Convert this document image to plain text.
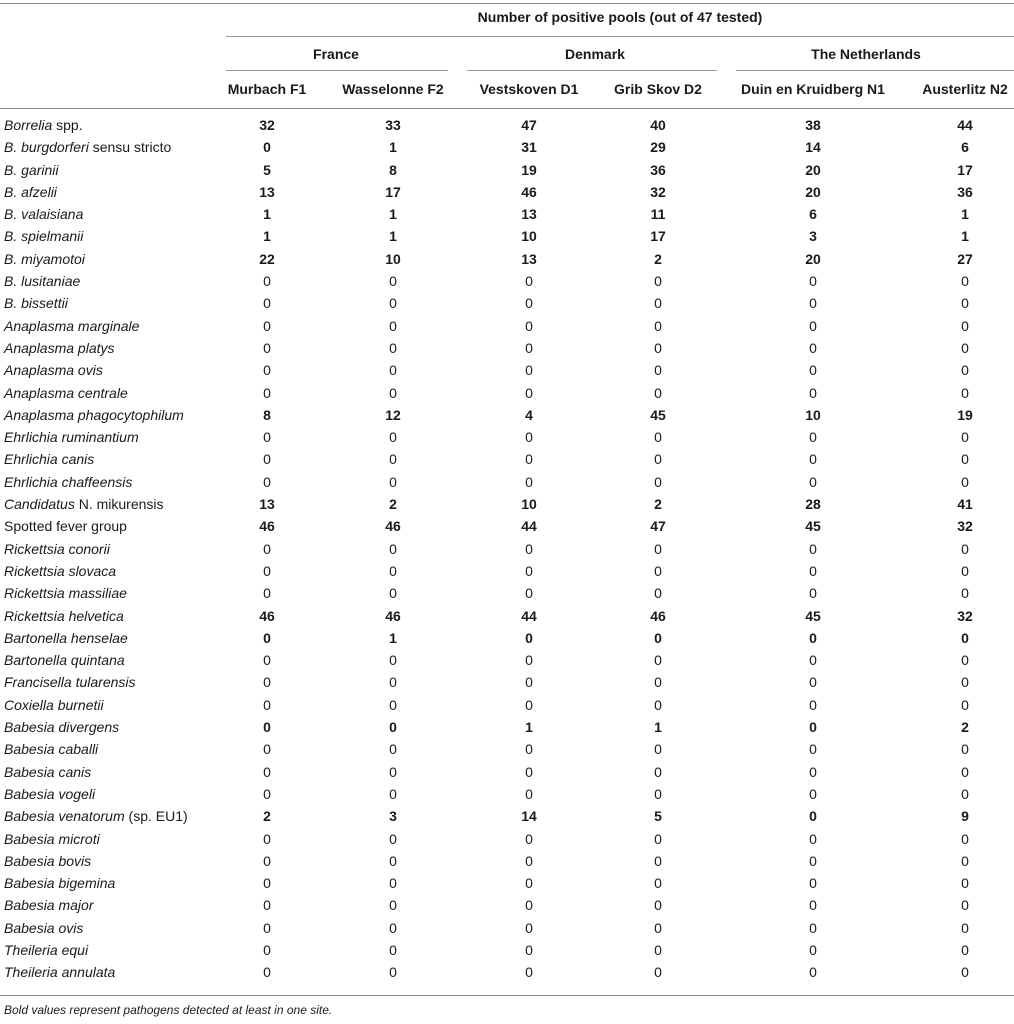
Number of positive pools (out of 47 tested)
France	Denmark	The Netherlands
Murbach F1	Wasselonne F2	Vestskoven D1	Grib Skov D2	Duin en Kruidberg N1	Austerlitz N2
Borrelia spp.	32	33	47	40	38	44
B. burgdorferi sensu stricto	0	1	31	29	14	6
B. garinii	5	8	19	36	20	17
B. afzelii	13	17	46	32	20	36
B. valaisiana	1	1	13	11	6	1
B. spielmanii	1	1	10	17	3	1
B. miyamotoi	22	10	13	2	20	27
B. lusitaniae	0	0	0	0	0	0
B. bissettii	0	0	0	0	0	0
Anaplasma marginale	0	0	0	0	0	0
Anaplasma platys	0	0	0	0	0	0
Anaplasma ovis	0	0	0	0	0	0
Anaplasma centrale	0	0	0	0	0	0
Anaplasma phagocytophilum	8	12	4	45	10	19
Ehrlichia ruminantium	0	0	0	0	0	0
Ehrlichia canis	0	0	0	0	0	0
Ehrlichia chaffeensis	0	0	0	0	0	0
Candidatus N. mikurensis	13	2	10	2	28	41
Spotted fever group	46	46	44	47	45	32
Rickettsia conorii	0	0	0	0	0	0
Rickettsia slovaca	0	0	0	0	0	0
Rickettsia massiliae	0	0	0	0	0	0
Rickettsia helvetica	46	46	44	46	45	32
Bartonella henselae	0	1	0	0	0	0
Bartonella quintana	0	0	0	0	0	0
Francisella tularensis	0	0	0	0	0	0
Coxiella burnetii	0	0	0	0	0	0
Babesia divergens	0	0	1	1	0	2
Babesia caballi	0	0	0	0	0	0
Babesia canis	0	0	0	0	0	0
Babesia vogeli	0	0	0	0	0	0
Babesia venatorum (sp. EU1)	2	3	14	5	0	9
Babesia microti	0	0	0	0	0	0
Babesia bovis	0	0	0	0	0	0
Babesia bigemina	0	0	0	0	0	0
Babesia major	0	0	0	0	0	0
Babesia ovis	0	0	0	0	0	0
Theileria equi	0	0	0	0	0	0
Theileria annulata	0	0	0	0	0	0
Bold values represent pathogens detected at least in one site.
